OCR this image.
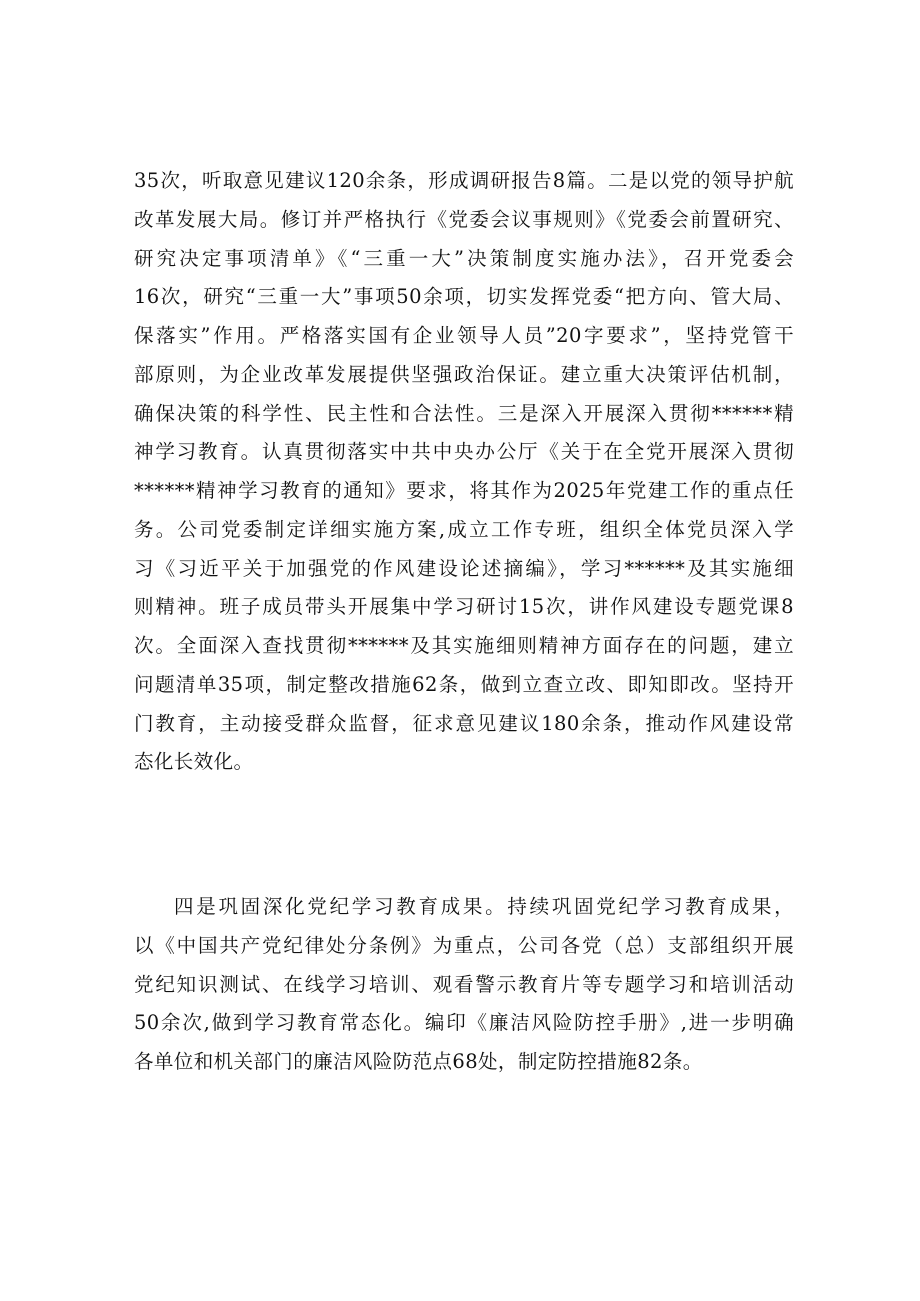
35次，听取意见建议120余条，形成调研报告8篇。二是以党的领导护航
改革发展大局。修订并严格执行《党委会议事规则》《党委会前置研究、
研究决定事项清单》《“三重一大”决策制度实施办法》，召开党委会
16次，研究“三重一大”事项50余项，切实发挥党委“把方向、管大局、
保落实”作用。严格落实国有企业领导人员”20字要求”，坚持党管干
部原则，为企业改革发展提供坚强政治保证。建立重大决策评估机制，
确保决策的科学性、民主性和合法性。三是深入开展深入贯彻******精
神学习教育。认真贯彻落实中共中央办公厅《关于在全党开展深入贯彻
******精神学习教育的通知》要求，将其作为2025年党建工作的重点任
务。公司党委制定详细实施方案,成立工作专班，组织全体党员深入学
习《习近平关于加强党的作风建设论述摘编》，学习******及其实施细
则精神。班子成员带头开展集中学习研讨15次，讲作风建设专题党课8
次。全面深入查找贯彻******及其实施细则精神方面存在的问题，建立
问题清单35项，制定整改措施62条，做到立查立改、即知即改。坚持开
门教育，主动接受群众监督，征求意见建议180余条，推动作风建设常
态化长效化。
四是巩固深化党纪学习教育成果。持续巩固党纪学习教育成果，
以《中国共产党纪律处分条例》为重点，公司各党（总）支部组织开展
党纪知识测试、在线学习培训、观看警示教育片等专题学习和培训活动
50余次,做到学习教育常态化。编印《廉洁风险防控手册》,进一步明确
各单位和机关部门的廉洁风险防范点68处，制定防控措施82条。
